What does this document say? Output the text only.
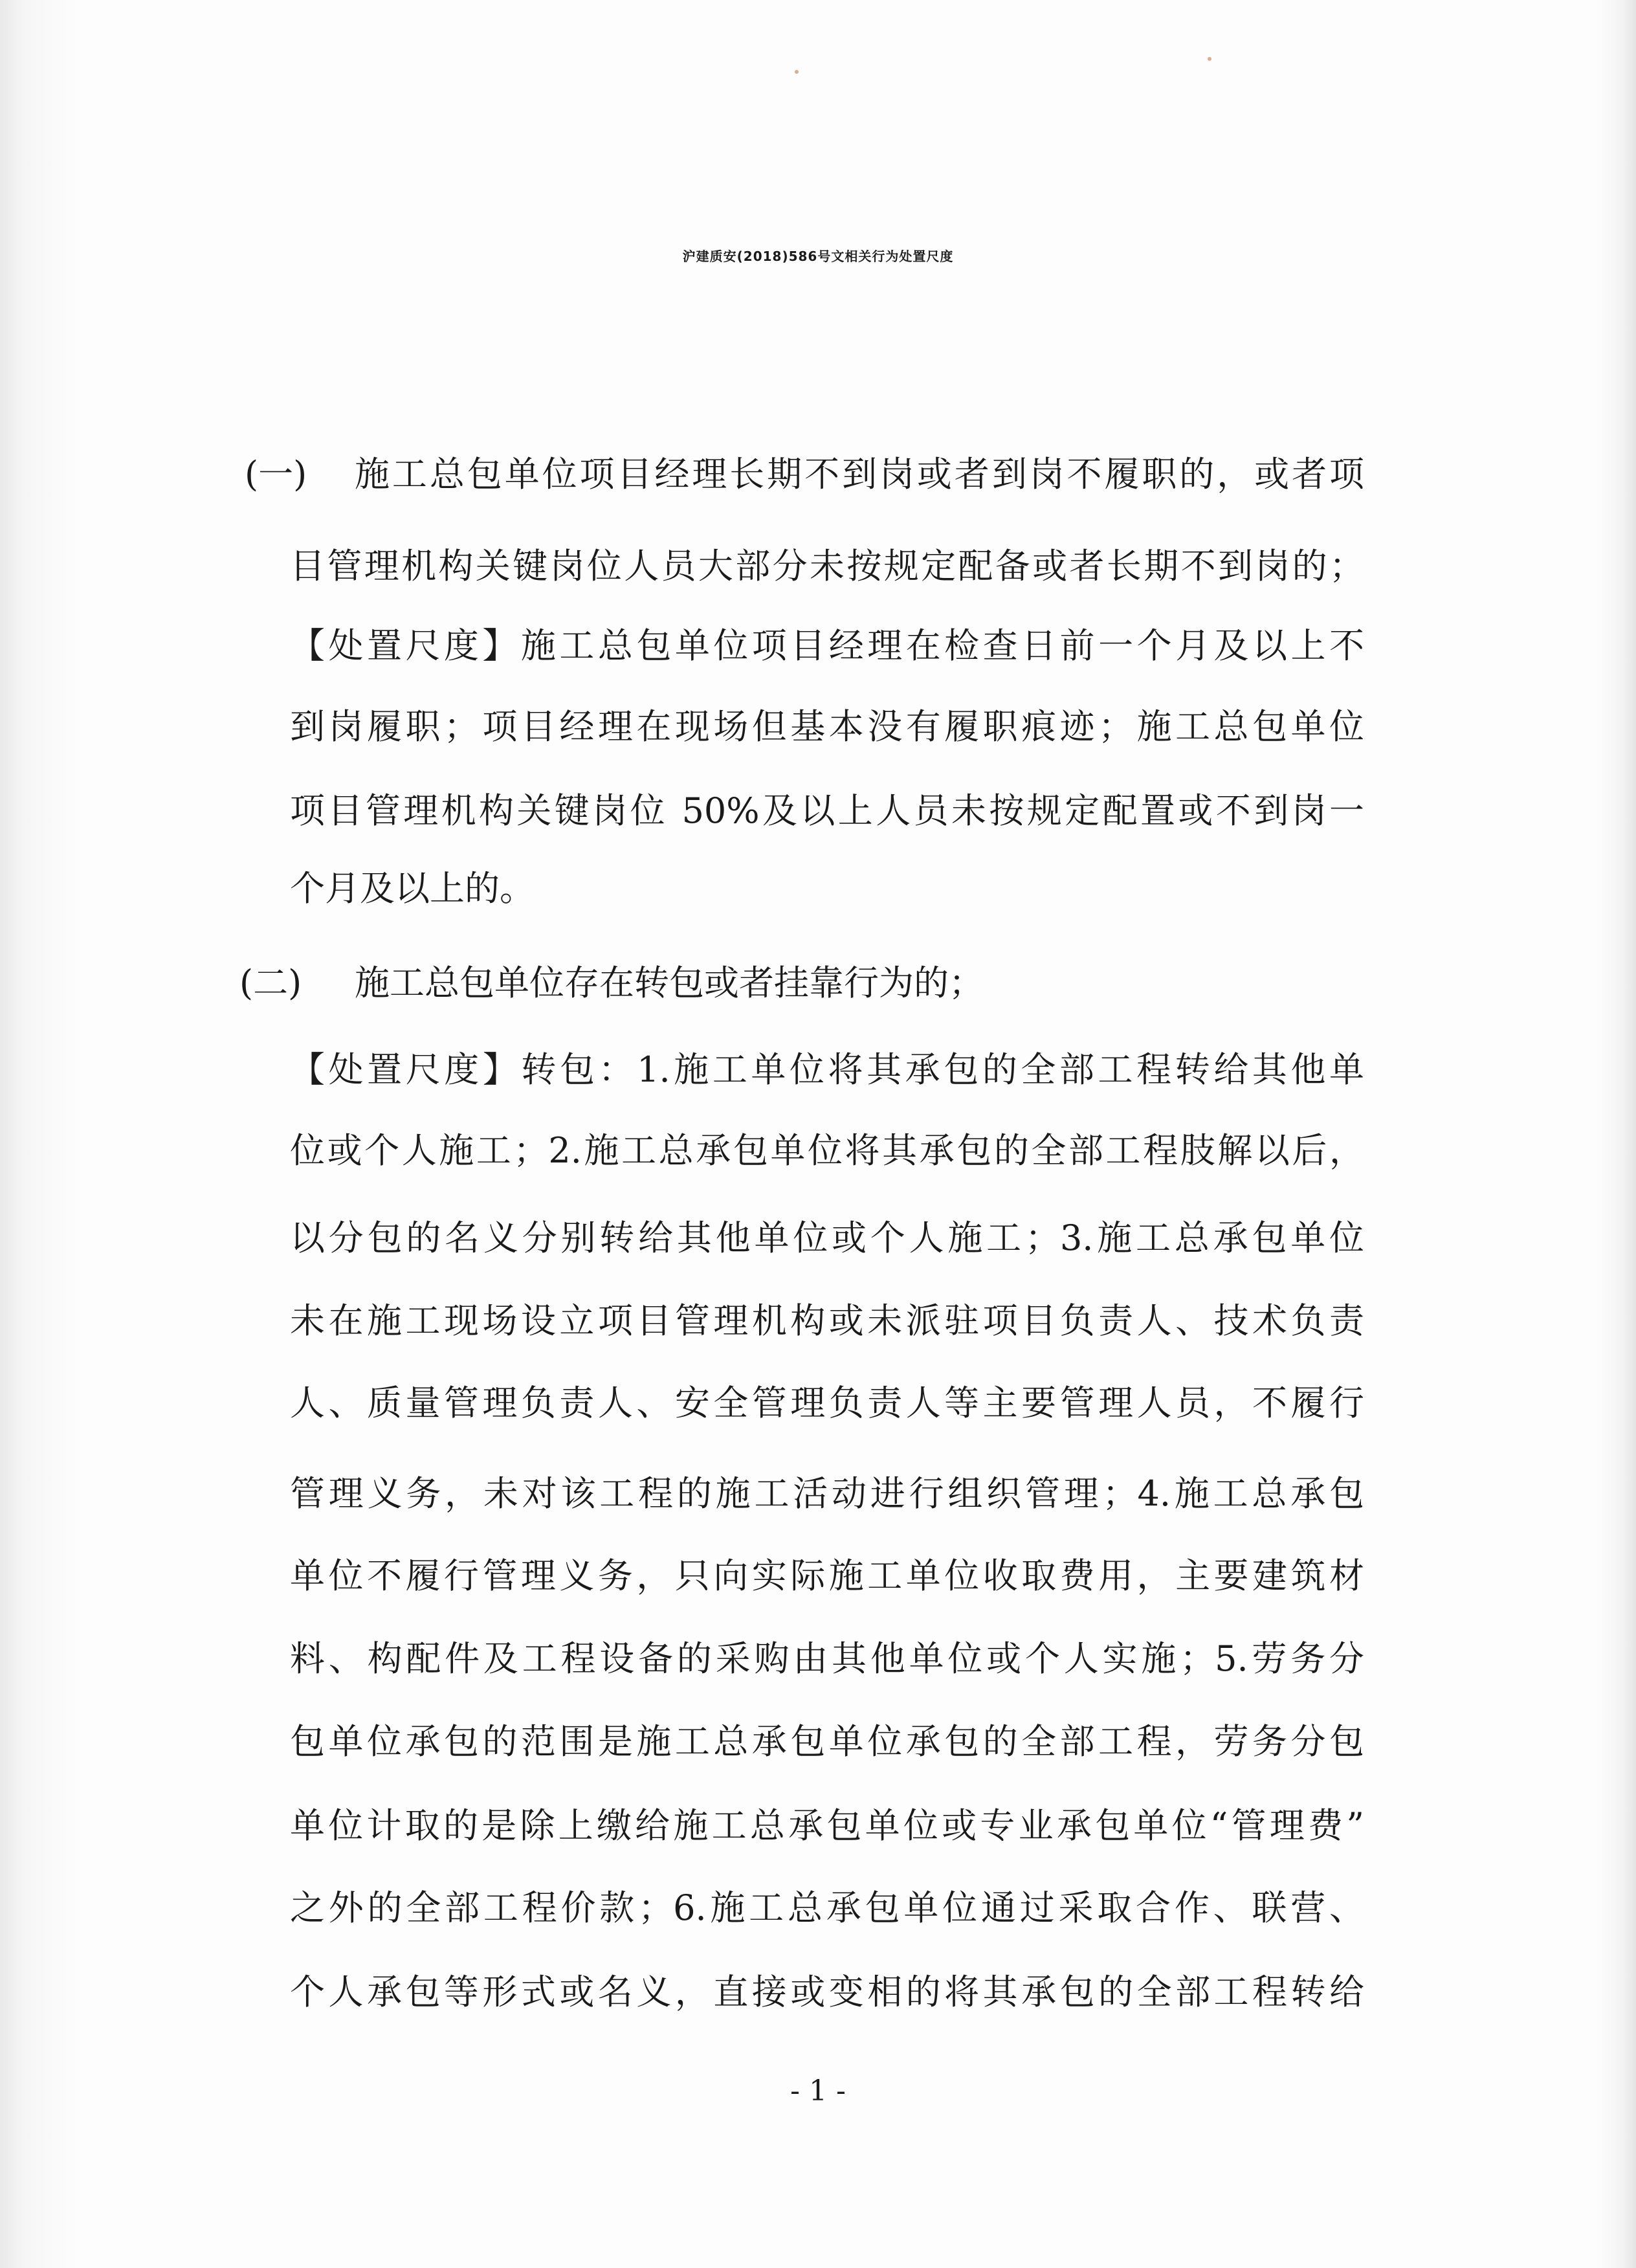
沪建质安(2018)586号文相关行为处置尺度
(一) 施工总包单位项目经理长期不到岗或者到岗不履职的，或者项
目管理机构关键岗位人员大部分未按规定配备或者长期不到岗的；
【处置尺度】施工总包单位项目经理在检查日前一个月及以上不
到岗履职；项目经理在现场但基本没有履职痕迹；施工总包单位
项目管理机构关键岗位 50%及以上人员未按规定配置或不到岗一
个月及以上的。
(二) 施工总包单位存在转包或者挂靠行为的；
【处置尺度】转包：1.施工单位将其承包的全部工程转给其他单
位或个人施工；2.施工总承包单位将其承包的全部工程肢解以后，
以分包的名义分别转给其他单位或个人施工；3.施工总承包单位
未在施工现场设立项目管理机构或未派驻项目负责人、技术负责
人、质量管理负责人、安全管理负责人等主要管理人员，不履行
管理义务，未对该工程的施工活动进行组织管理；4.施工总承包
单位不履行管理义务，只向实际施工单位收取费用，主要建筑材
料、构配件及工程设备的采购由其他单位或个人实施；5.劳务分
包单位承包的范围是施工总承包单位承包的全部工程，劳务分包
单位计取的是除上缴给施工总承包单位或专业承包单位“管理费”
之外的全部工程价款；6.施工总承包单位通过采取合作、联营、
个人承包等形式或名义，直接或变相的将其承包的全部工程转给
- 1 -
